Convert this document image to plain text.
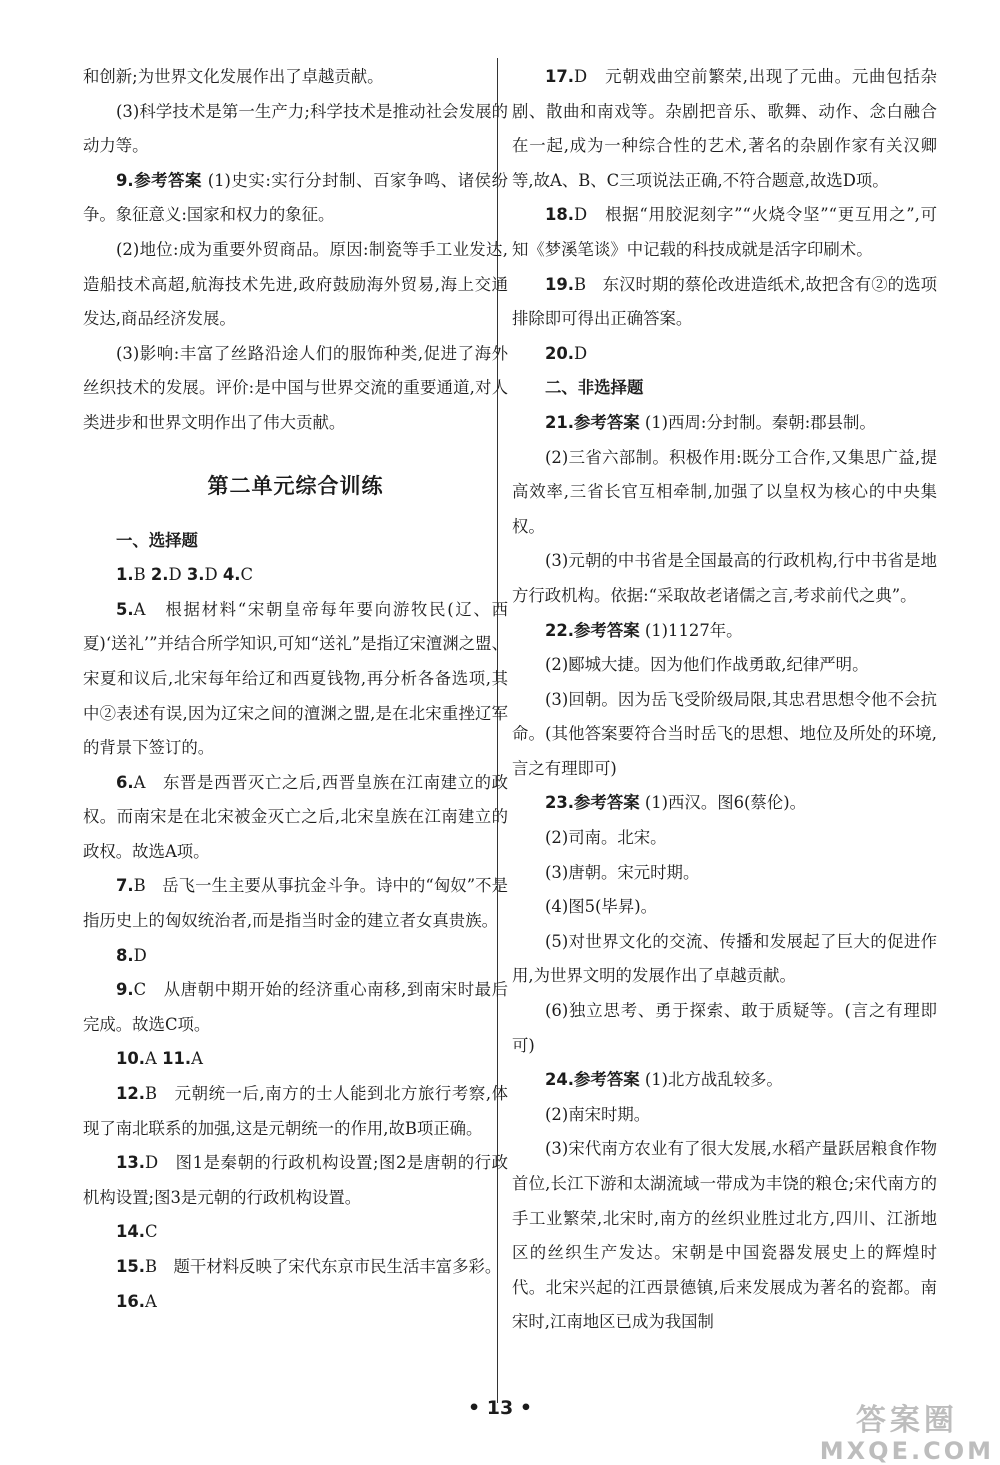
和创新;为世界文化发展作出了卓越贡献。

(3)科学技术是第一生产力;科学技术是推动社会发展的动力等。

9.参考答案 (1)史实:实行分封制、百家争鸣、诸侯纷争。象征意义:国家和权力的象征。

(2)地位:成为重要外贸商品。原因:制瓷等手工业发达,造船技术高超,航海技术先进,政府鼓励海外贸易,海上交通发达,商品经济发展。

(3)影响:丰富了丝路沿途人们的服饰种类,促进了海外丝织技术的发展。评价:是中国与世界交流的重要通道,对人类进步和世界文明作出了伟大贡献。

第二单元综合训练

一、选择题

1.B 2.D 3.D 4.C

5.A　根据材料“宋朝皇帝每年要向游牧民(辽、西夏)‘送礼’”并结合所学知识,可知“送礼”是指辽宋澶渊之盟、宋夏和议后,北宋每年给辽和西夏钱物,再分析各备选项,其中②表述有误,因为辽宋之间的澶渊之盟,是在北宋重挫辽军的背景下签订的。

6.A　东晋是西晋灭亡之后,西晋皇族在江南建立的政权。而南宋是在北宋被金灭亡之后,北宋皇族在江南建立的政权。故选A项。

7.B　岳飞一生主要从事抗金斗争。诗中的“匈奴”不是指历史上的匈奴统治者,而是指当时金的建立者女真贵族。

8.D

9.C　从唐朝中期开始的经济重心南移,到南宋时最后完成。故选C项。

10.A 11.A

12.B　元朝统一后,南方的士人能到北方旅行考察,体现了南北联系的加强,这是元朝统一的作用,故B项正确。

13.D　图1是秦朝的行政机构设置;图2是唐朝的行政机构设置;图3是元朝的行政机构设置。

14.C

15.B　题干材料反映了宋代东京市民生活丰富多彩。

16.A

17.D　元朝戏曲空前繁荣,出现了元曲。元曲包括杂剧、散曲和南戏等。杂剧把音乐、歌舞、动作、念白融合在一起,成为一种综合性的艺术,著名的杂剧作家有关汉卿等,故A、B、C三项说法正确,不符合题意,故选D项。

18.D　根据“用胶泥刻字”“火烧令坚”“更互用之”,可知《梦溪笔谈》中记载的科技成就是活字印刷术。

19.B　东汉时期的蔡伦改进造纸术,故把含有②的选项排除即可得出正确答案。

20.D

二、非选择题

21.参考答案 (1)西周:分封制。秦朝:郡县制。

(2)三省六部制。积极作用:既分工合作,又集思广益,提高效率,三省长官互相牵制,加强了以皇权为核心的中央集权。

(3)元朝的中书省是全国最高的行政机构,行中书省是地方行政机构。依据:“采取故老诸儒之言,考求前代之典”。

22.参考答案 (1)1127年。

(2)郾城大捷。因为他们作战勇敢,纪律严明。

(3)回朝。因为岳飞受阶级局限,其忠君思想令他不会抗命。(其他答案要符合当时岳飞的思想、地位及所处的环境,言之有理即可)

23.参考答案 (1)西汉。图6(蔡伦)。

(2)司南。北宋。

(3)唐朝。宋元时期。

(4)图5(毕昇)。

(5)对世界文化的交流、传播和发展起了巨大的促进作用,为世界文明的发展作出了卓越贡献。

(6)独立思考、勇于探索、敢于质疑等。(言之有理即可)

24.参考答案 (1)北方战乱较多。

(2)南宋时期。

(3)宋代南方农业有了很大发展,水稻产量跃居粮食作物首位,长江下游和太湖流域一带成为丰饶的粮仓;宋代南方的手工业繁荣,北宋时,南方的丝织业胜过北方,四川、江浙地区的丝织生产发达。宋朝是中国瓷器发展史上的辉煌时代。北宋兴起的江西景德镇,后来发展成为著名的瓷都。南宋时,江南地区已成为我国制

• 13 •	答案圈
MXQE.COM
